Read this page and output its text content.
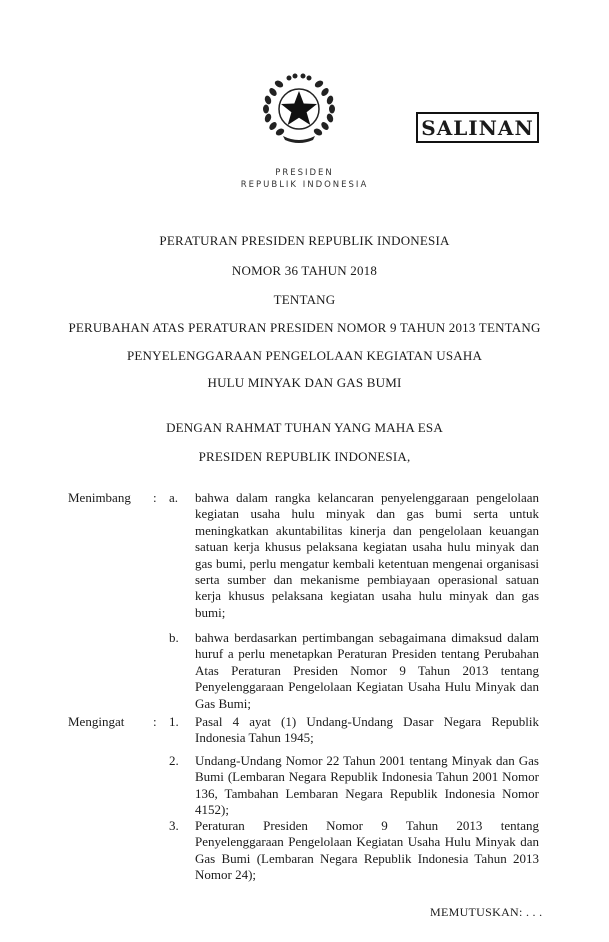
SALINAN
PRESIDEN
REPUBLIK INDONESIA
PERATURAN PRESIDEN REPUBLIK INDONESIA
NOMOR 36 TAHUN 2018
TENTANG
PERUBAHAN ATAS PERATURAN PRESIDEN NOMOR 9 TAHUN 2013 TENTANG
PENYELENGGARAAN PENGELOLAAN KEGIATAN USAHA
HULU MINYAK DAN GAS BUMI
DENGAN RAHMAT TUHAN YANG MAHA ESA
PRESIDEN REPUBLIK INDONESIA,
Menimbang : a. bahwa dalam rangka kelancaran penyelenggaraan pengelolaan kegiatan usaha hulu minyak dan gas bumi serta untuk meningkatkan akuntabilitas kinerja dan pengelolaan keuangan satuan kerja khusus pelaksana kegiatan usaha hulu minyak dan gas bumi, perlu mengatur kembali ketentuan mengenai organisasi serta sumber dan mekanisme pembiayaan operasional satuan kerja khusus pelaksana kegiatan usaha hulu minyak dan gas bumi;
b. bahwa berdasarkan pertimbangan sebagaimana dimaksud dalam huruf a perlu menetapkan Peraturan Presiden tentang Perubahan Atas Peraturan Presiden Nomor 9 Tahun 2013 tentang Penyelenggaraan Pengelolaan Kegiatan Usaha Hulu Minyak dan Gas Bumi;
Mengingat : 1. Pasal 4 ayat (1) Undang-Undang Dasar Negara Republik Indonesia Tahun 1945;
2. Undang-Undang Nomor 22 Tahun 2001 tentang Minyak dan Gas Bumi (Lembaran Negara Republik Indonesia Tahun 2001 Nomor 136, Tambahan Lembaran Negara Republik Indonesia Nomor 4152);
3. Peraturan Presiden Nomor 9 Tahun 2013 tentang Penyelenggaraan Pengelolaan Kegiatan Usaha Hulu Minyak dan Gas Bumi (Lembaran Negara Republik Indonesia Tahun 2013 Nomor 24);
MEMUTUSKAN: . . .
